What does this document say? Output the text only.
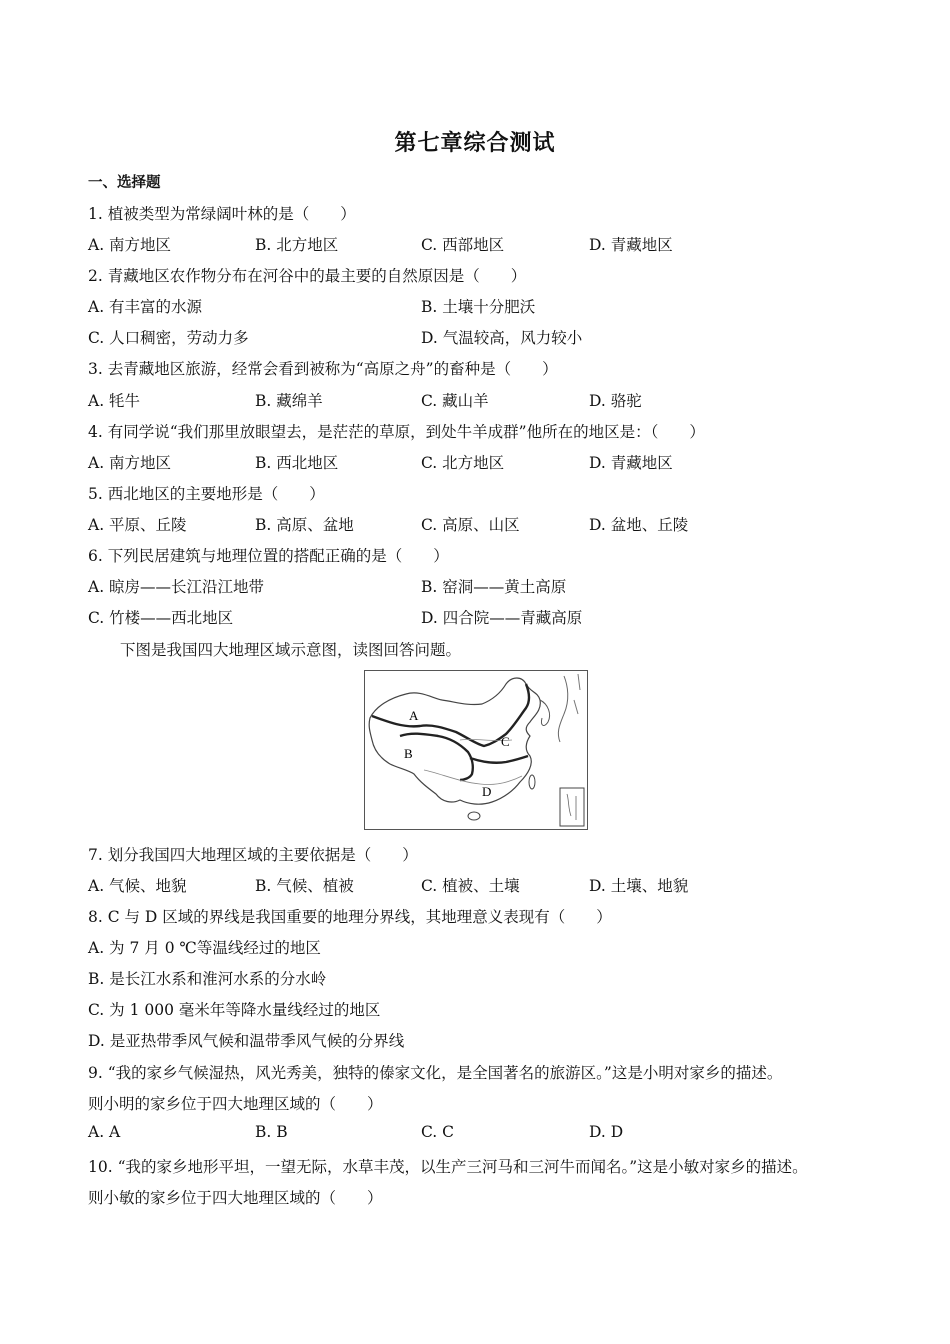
第七章综合测试
一、选择题
1. 植被类型为常绿阔叶林的是（　　）
A. 南方地区	B. 北方地区	C. 西部地区	D. 青藏地区
2. 青藏地区农作物分布在河谷中的最主要的自然原因是（　　）
A. 有丰富的水源	B. 土壤十分肥沃
C. 人口稠密，劳动力多	D. 气温较高，风力较小
3. 去青藏地区旅游，经常会看到被称为“高原之舟”的畜种是（　　）
A. 牦牛	B. 藏绵羊	C. 藏山羊	D. 骆驼
4. 有同学说“我们那里放眼望去，是茫茫的草原，到处牛羊成群”他所在的地区是：（　　）
A. 南方地区	B. 西北地区	C. 北方地区	D. 青藏地区
5. 西北地区的主要地形是（　　）
A. 平原、丘陵	B. 高原、盆地	C. 高原、山区	D. 盆地、丘陵
6. 下列民居建筑与地理位置的搭配正确的是（　　）
A. 晾房——长江沿江地带	B. 窑洞——黄土高原
C. 竹楼——西北地区	D. 四合院——青藏高原
下图是我国四大地理区域示意图，读图回答问题。
A
B
C
D
7. 划分我国四大地理区域的主要依据是（　　）
A. 气候、地貌	B. 气候、植被	C. 植被、土壤	D. 土壤、地貌
8. C 与 D 区域的界线是我国重要的地理分界线，其地理意义表现有（　　）
A. 为 7 月 0 ℃等温线经过的地区
B. 是长江水系和淮河水系的分水岭
C. 为 1 000 毫米年等降水量线经过的地区
D. 是亚热带季风气候和温带季风气候的分界线
9. “我的家乡气候湿热，风光秀美，独特的傣家文化，是全国著名的旅游区。”这是小明对家乡的描述。
则小明的家乡位于四大地理区域的（　　）
A. A	B. B	C. C	D. D
10. “我的家乡地形平坦，一望无际，水草丰茂，以生产三河马和三河牛而闻名。”这是小敏对家乡的描述。
则小敏的家乡位于四大地理区域的（　　）
